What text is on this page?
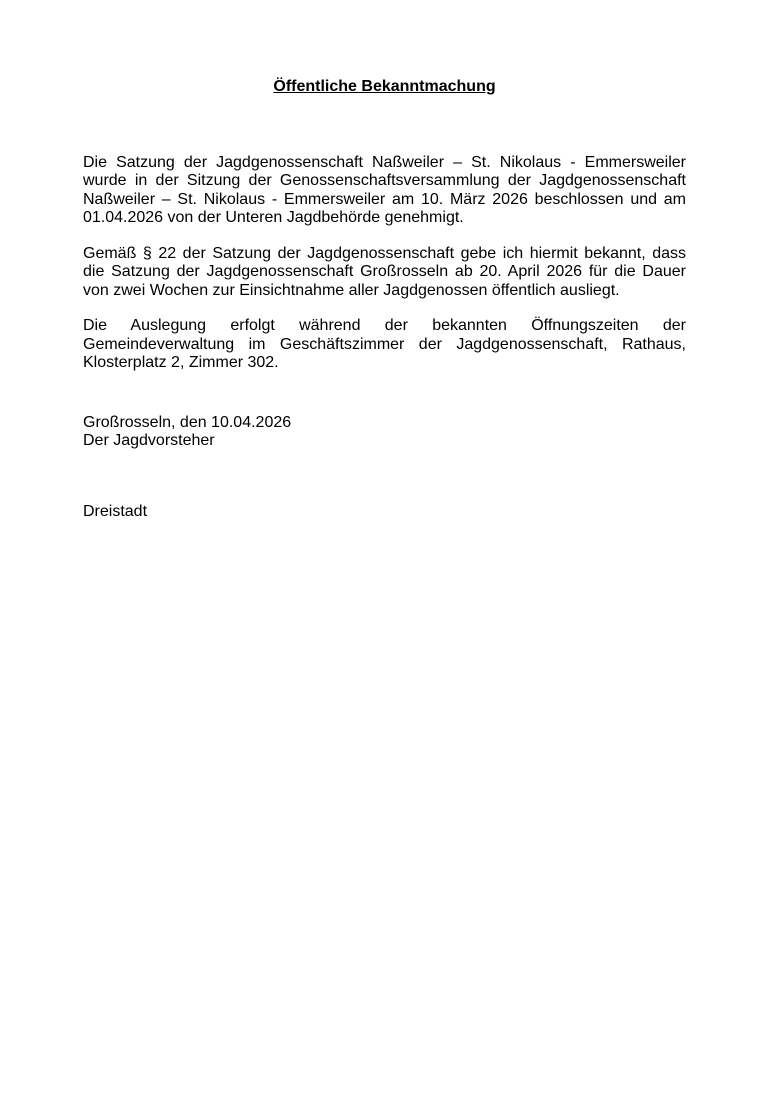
Öffentliche Bekanntmachung

Die Satzung der Jagdgenossenschaft Naßweiler – St. Nikolaus - Emmersweiler wurde in der Sitzung der Genossenschaftsversammlung der Jagdgenossenschaft Naßweiler – St. Nikolaus - Emmersweiler am 10. März 2026 beschlossen und am 01.04.2026 von der Unteren Jagdbehörde genehmigt.

Gemäß § 22 der Satzung der Jagdgenossenschaft gebe ich hiermit bekannt, dass die Satzung der Jagdgenossenschaft Großrosseln ab 20. April 2026 für die Dauer von zwei Wochen zur Einsichtnahme aller Jagdgenossen öffentlich ausliegt.

Die Auslegung erfolgt während der bekannten Öffnungszeiten der Gemeindeverwaltung im Geschäftszimmer der Jagdgenossenschaft, Rathaus, Klosterplatz 2, Zimmer 302.

Großrosseln, den 10.04.2026

Der Jagdvorsteher

Dreistadt
